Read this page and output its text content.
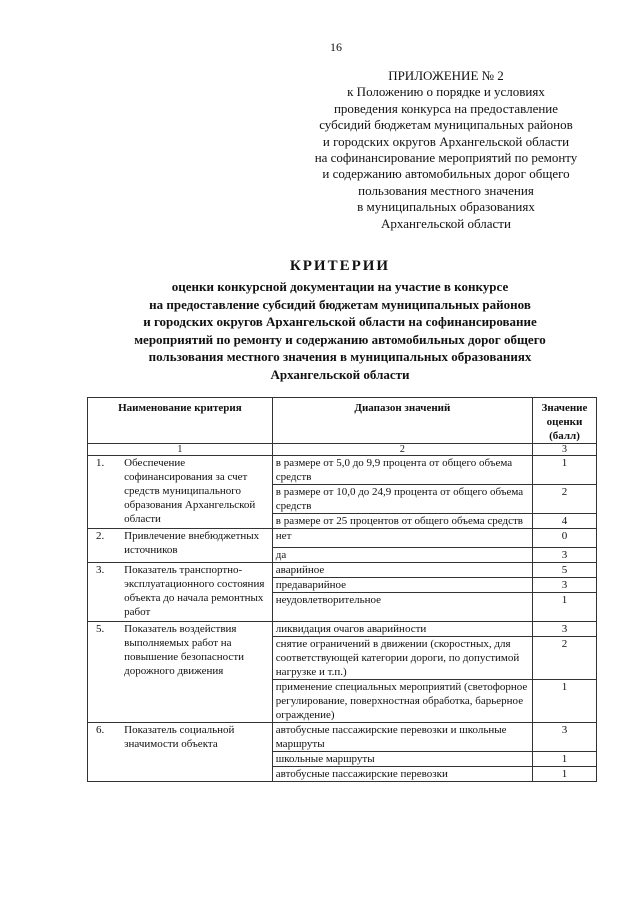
16
ПРИЛОЖЕНИЕ № 2
к Положению о порядке и условиях
проведения конкурса на предоставление
субсидий бюджетам муниципальных районов
и городских округов Архангельской области
на софинансирование мероприятий по ремонту
и содержанию автомобильных дорог общего
пользования местного значения
в муниципальных образованиях
Архангельской области
КРИТЕРИИ
оценки конкурсной документации на участие в конкурсе
на предоставление субсидий бюджетам муниципальных районов
и городских округов Архангельской области на софинансирование
мероприятий по ремонту и содержанию автомобильных дорог общего
пользования местного значения в муниципальных образованиях
Архангельской области
Наименование критерия		Диапазон значений	Значение оценки (балл)
1		2	3
1.	Обеспечение софинансирования за счет средств муниципального образования Архангельской области	в размере от 5,0 до 9,9 процента от общего объема средств	1
		в размере от 10,0 до 24,9 процента от общего объема средств	2
		в размере от 25 процентов от общего объема средств	4
2.	Привлечение внебюджетных источников	нет	0
		да	3
3.	Показатель транспортно-эксплуатационного состояния объекта до начала ремонтных работ	аварийное	5
		предаварийное	3
		неудовлетворительное	1
5.	Показатель воздействия выполняемых работ на повышение безопасности дорожного движения	ликвидация очагов аварийности	3
		снятие ограничений в движении (скоростных, для соответствующей категории дороги, по допустимой нагрузке и т.п.)	2
		применение специальных мероприятий (светофорное регулирование, поверхностная обработка, барьерное ограждение)	1
6.	Показатель социальной значимости объекта	автобусные пассажирские перевозки и школьные маршруты	3
		школьные маршруты	1
		автобусные пассажирские перевозки	1
